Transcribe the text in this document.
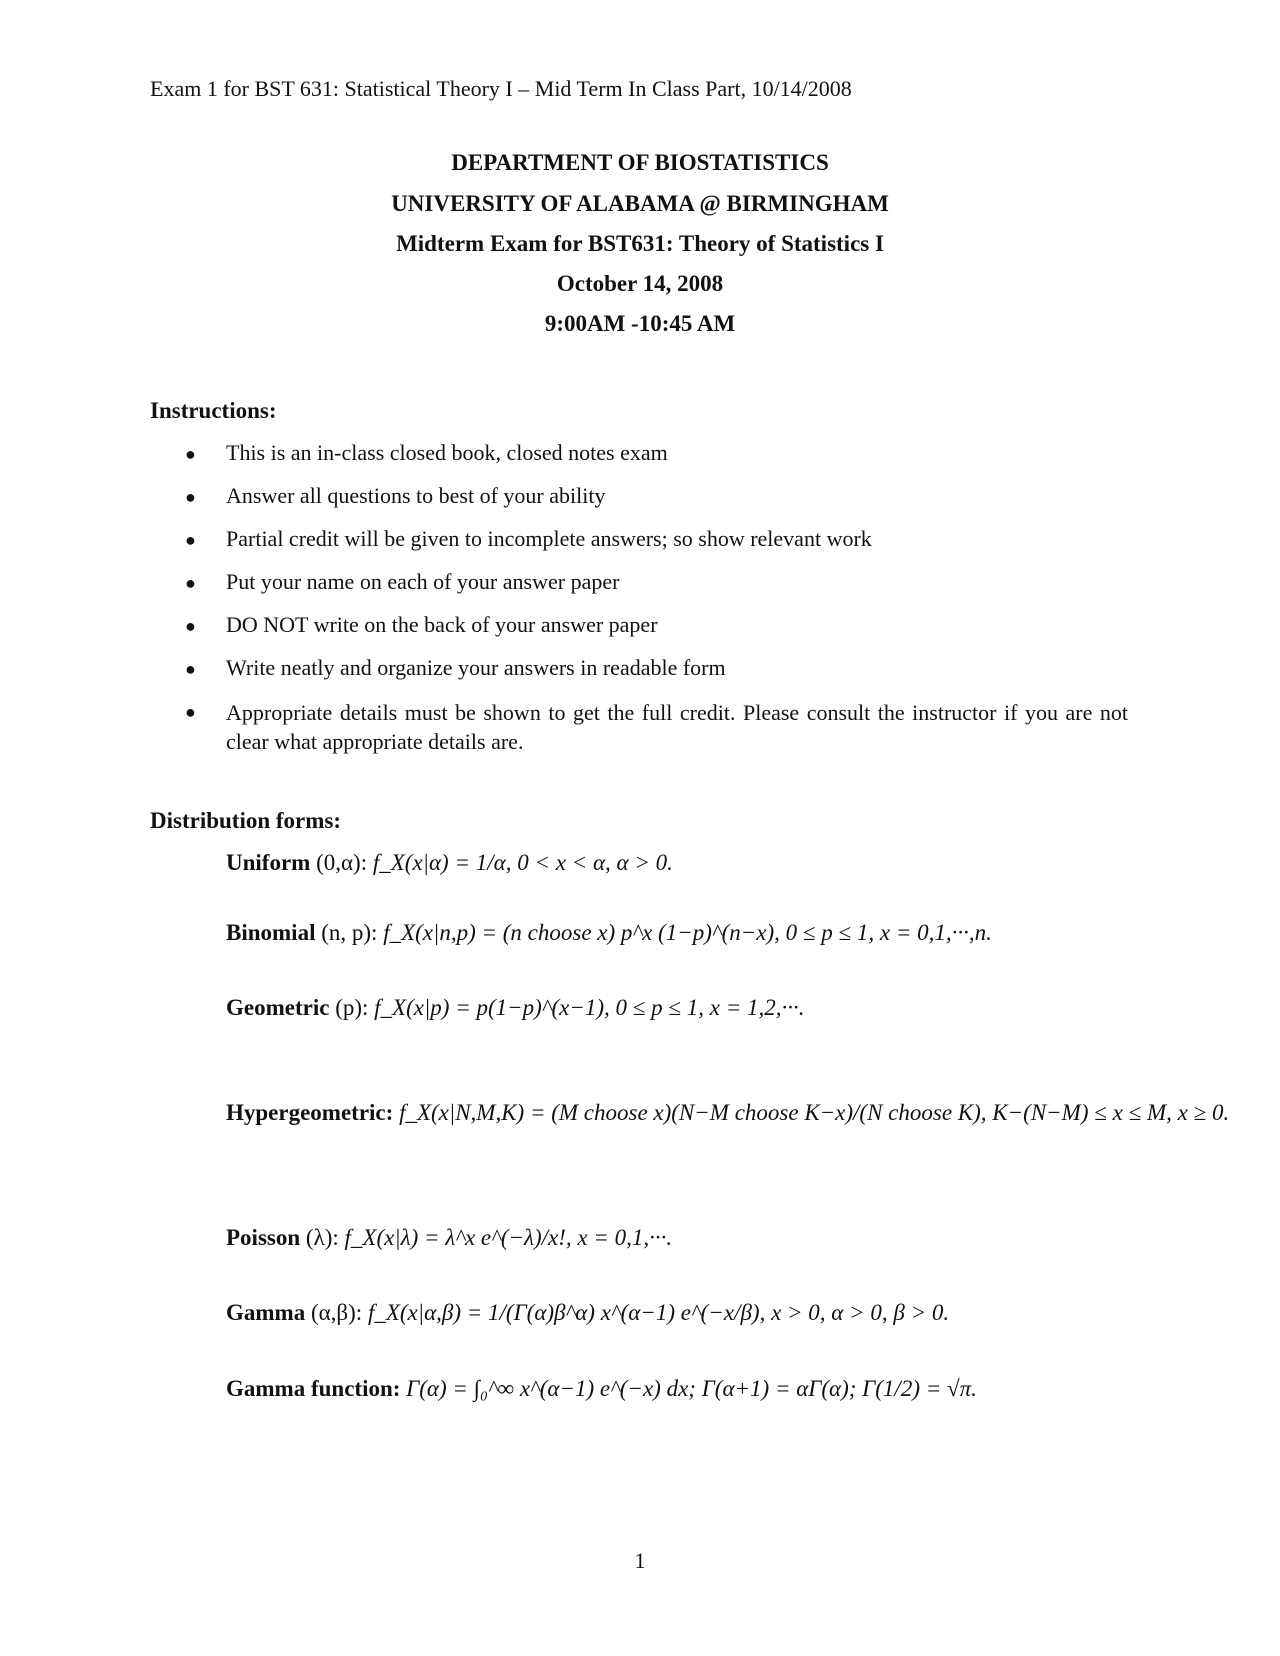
Exam 1 for BST 631: Statistical Theory I – Mid Term In Class Part, 10/14/2008
DEPARTMENT OF BIOSTATISTICS
UNIVERSITY OF ALABAMA @ BIRMINGHAM
Midterm Exam for BST631: Theory of Statistics I
October 14, 2008
9:00AM -10:45 AM
Instructions:
● This is an in-class closed book, closed notes exam
● Answer all questions to best of your ability
● Partial credit will be given to incomplete answers; so show relevant work
● Put your name on each of your answer paper
● DO NOT write on the back of your answer paper
● Write neatly and organize your answers in readable form
● Appropriate details must be shown to get the full credit. Please consult the instructor if you are not clear what appropriate details are.
Distribution forms:
Uniform (0,α): f_X(x|α) = 1/α, 0 < x < α, α > 0.
Binomial (n, p): f_X(x|n,p) = (n choose x) p^x (1−p)^(n−x), 0 ≤ p ≤ 1, x = 0,1,···,n.
Geometric (p): f_X(x|p) = p(1−p)^(x−1), 0 ≤ p ≤ 1, x = 1,2,···.
Hypergeometric: f_X(x|N,M,K) = (M choose x)(N−M choose K−x)/(N choose K), K−(N−M) ≤ x ≤ M, x ≥ 0.
Poisson (λ): f_X(x|λ) = λ^x e^(−λ)/x!, x = 0,1,···.
Gamma (α,β): f_X(x|α,β) = 1/(Γ(α)β^α) x^(α−1) e^(−x/β), x > 0, α > 0, β > 0.
Gamma function: Γ(α) = ∫₀^∞ x^(α−1) e^(−x) dx; Γ(α+1) = αΓ(α); Γ(1/2) = √π.
1
